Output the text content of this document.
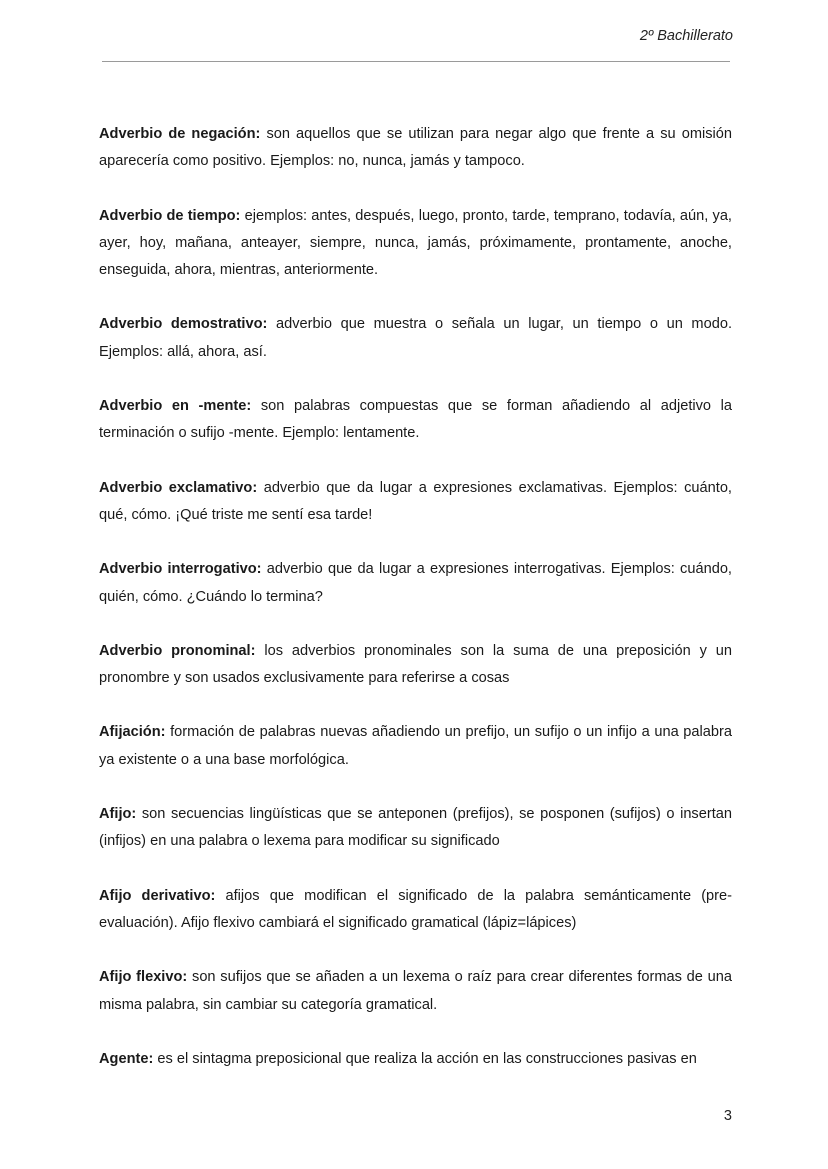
2º Bachillerato

Adverbio de negación: son aquellos que se utilizan para negar algo que frente a su omisión aparecería como positivo. Ejemplos: no, nunca, jamás y tampoco.

Adverbio de tiempo: ejemplos: antes, después, luego, pronto, tarde, temprano, todavía, aún, ya, ayer, hoy, mañana, anteayer, siempre, nunca, jamás, próximamente, prontamente, anoche, enseguida, ahora, mientras, anteriormente.

Adverbio demostrativo: adverbio que muestra o señala un lugar, un tiempo o un modo. Ejemplos: allá, ahora, así.

Adverbio en -mente: son palabras compuestas que se forman añadiendo al adjetivo la terminación o sufijo -mente. Ejemplo: lentamente.

Adverbio exclamativo: adverbio que da lugar a expresiones exclamativas. Ejemplos: cuánto, qué, cómo. ¡Qué triste me sentí esa tarde!

Adverbio interrogativo: adverbio que da lugar a expresiones interrogativas. Ejemplos: cuándo, quién, cómo. ¿Cuándo lo termina?

Adverbio pronominal: los adverbios pronominales son la suma de una preposición y un pronombre y son usados exclusivamente para referirse a cosas

Afijación: formación de palabras nuevas añadiendo un prefijo, un sufijo o un infijo a una palabra ya existente o a una base morfológica.

Afijo: son secuencias lingüísticas que se anteponen (prefijos), se posponen (sufijos) o insertan (infijos) en una palabra o lexema para modificar su significado

Afijo derivativo: afijos que modifican el significado de la palabra semánticamente (pre-evaluación). Afijo flexivo cambiará el significado gramatical (lápiz=lápices)

Afijo flexivo: son sufijos que se añaden a un lexema o raíz para crear diferentes formas de una misma palabra, sin cambiar su categoría gramatical.

Agente: es el sintagma preposicional que realiza la acción en las construcciones pasivas en

3
